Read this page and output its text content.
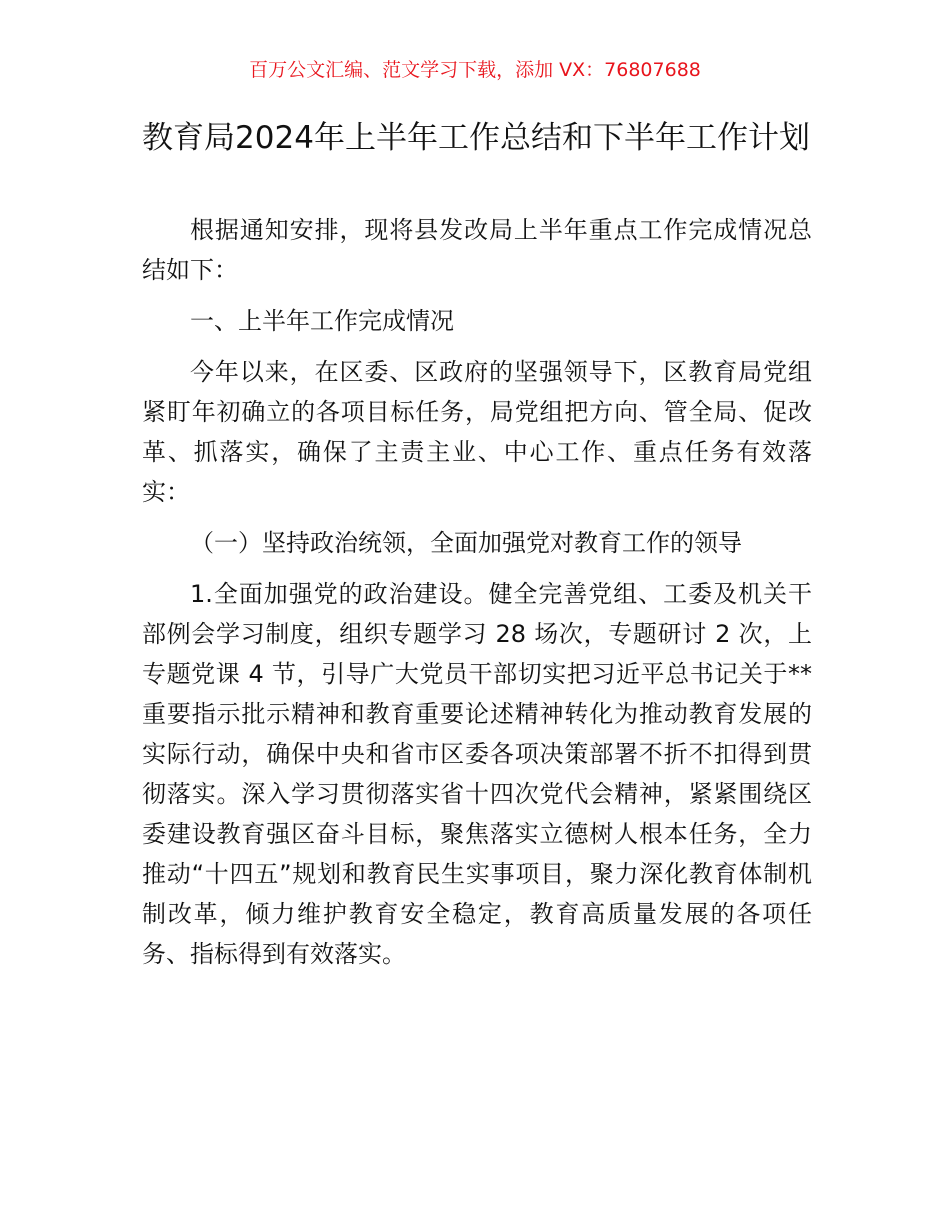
百万公文汇编、范文学习下载，添加 VX：76807688
教育局2024年上半年工作总结和下半年工作计划

根据通知安排，现将县发改局上半年重点工作完成情况总结如下：

一、上半年工作完成情况

今年以来，在区委、区政府的坚强领导下，区教育局党组紧盯年初确立的各项目标任务，局党组把方向、管全局、促改革、抓落实，确保了主责主业、中心工作、重点任务有效落实：

（一）坚持政治统领，全面加强党对教育工作的领导

1.全面加强党的政治建设。健全完善党组、工委及机关干部例会学习制度，组织专题学习 28 场次，专题研讨 2 次，上专题党课 4 节，引导广大党员干部切实把习近平总书记关于**重要指示批示精神和教育重要论述精神转化为推动教育发展的实际行动，确保中央和省市区委各项决策部署不折不扣得到贯彻落实。深入学习贯彻落实省十四次党代会精神，紧紧围绕区委建设教育强区奋斗目标，聚焦落实立德树人根本任务，全力推动“十四五”规划和教育民生实事项目，聚力深化教育体制机制改革，倾力维护教育安全稳定，教育高质量发展的各项任务、指标得到有效落实。
